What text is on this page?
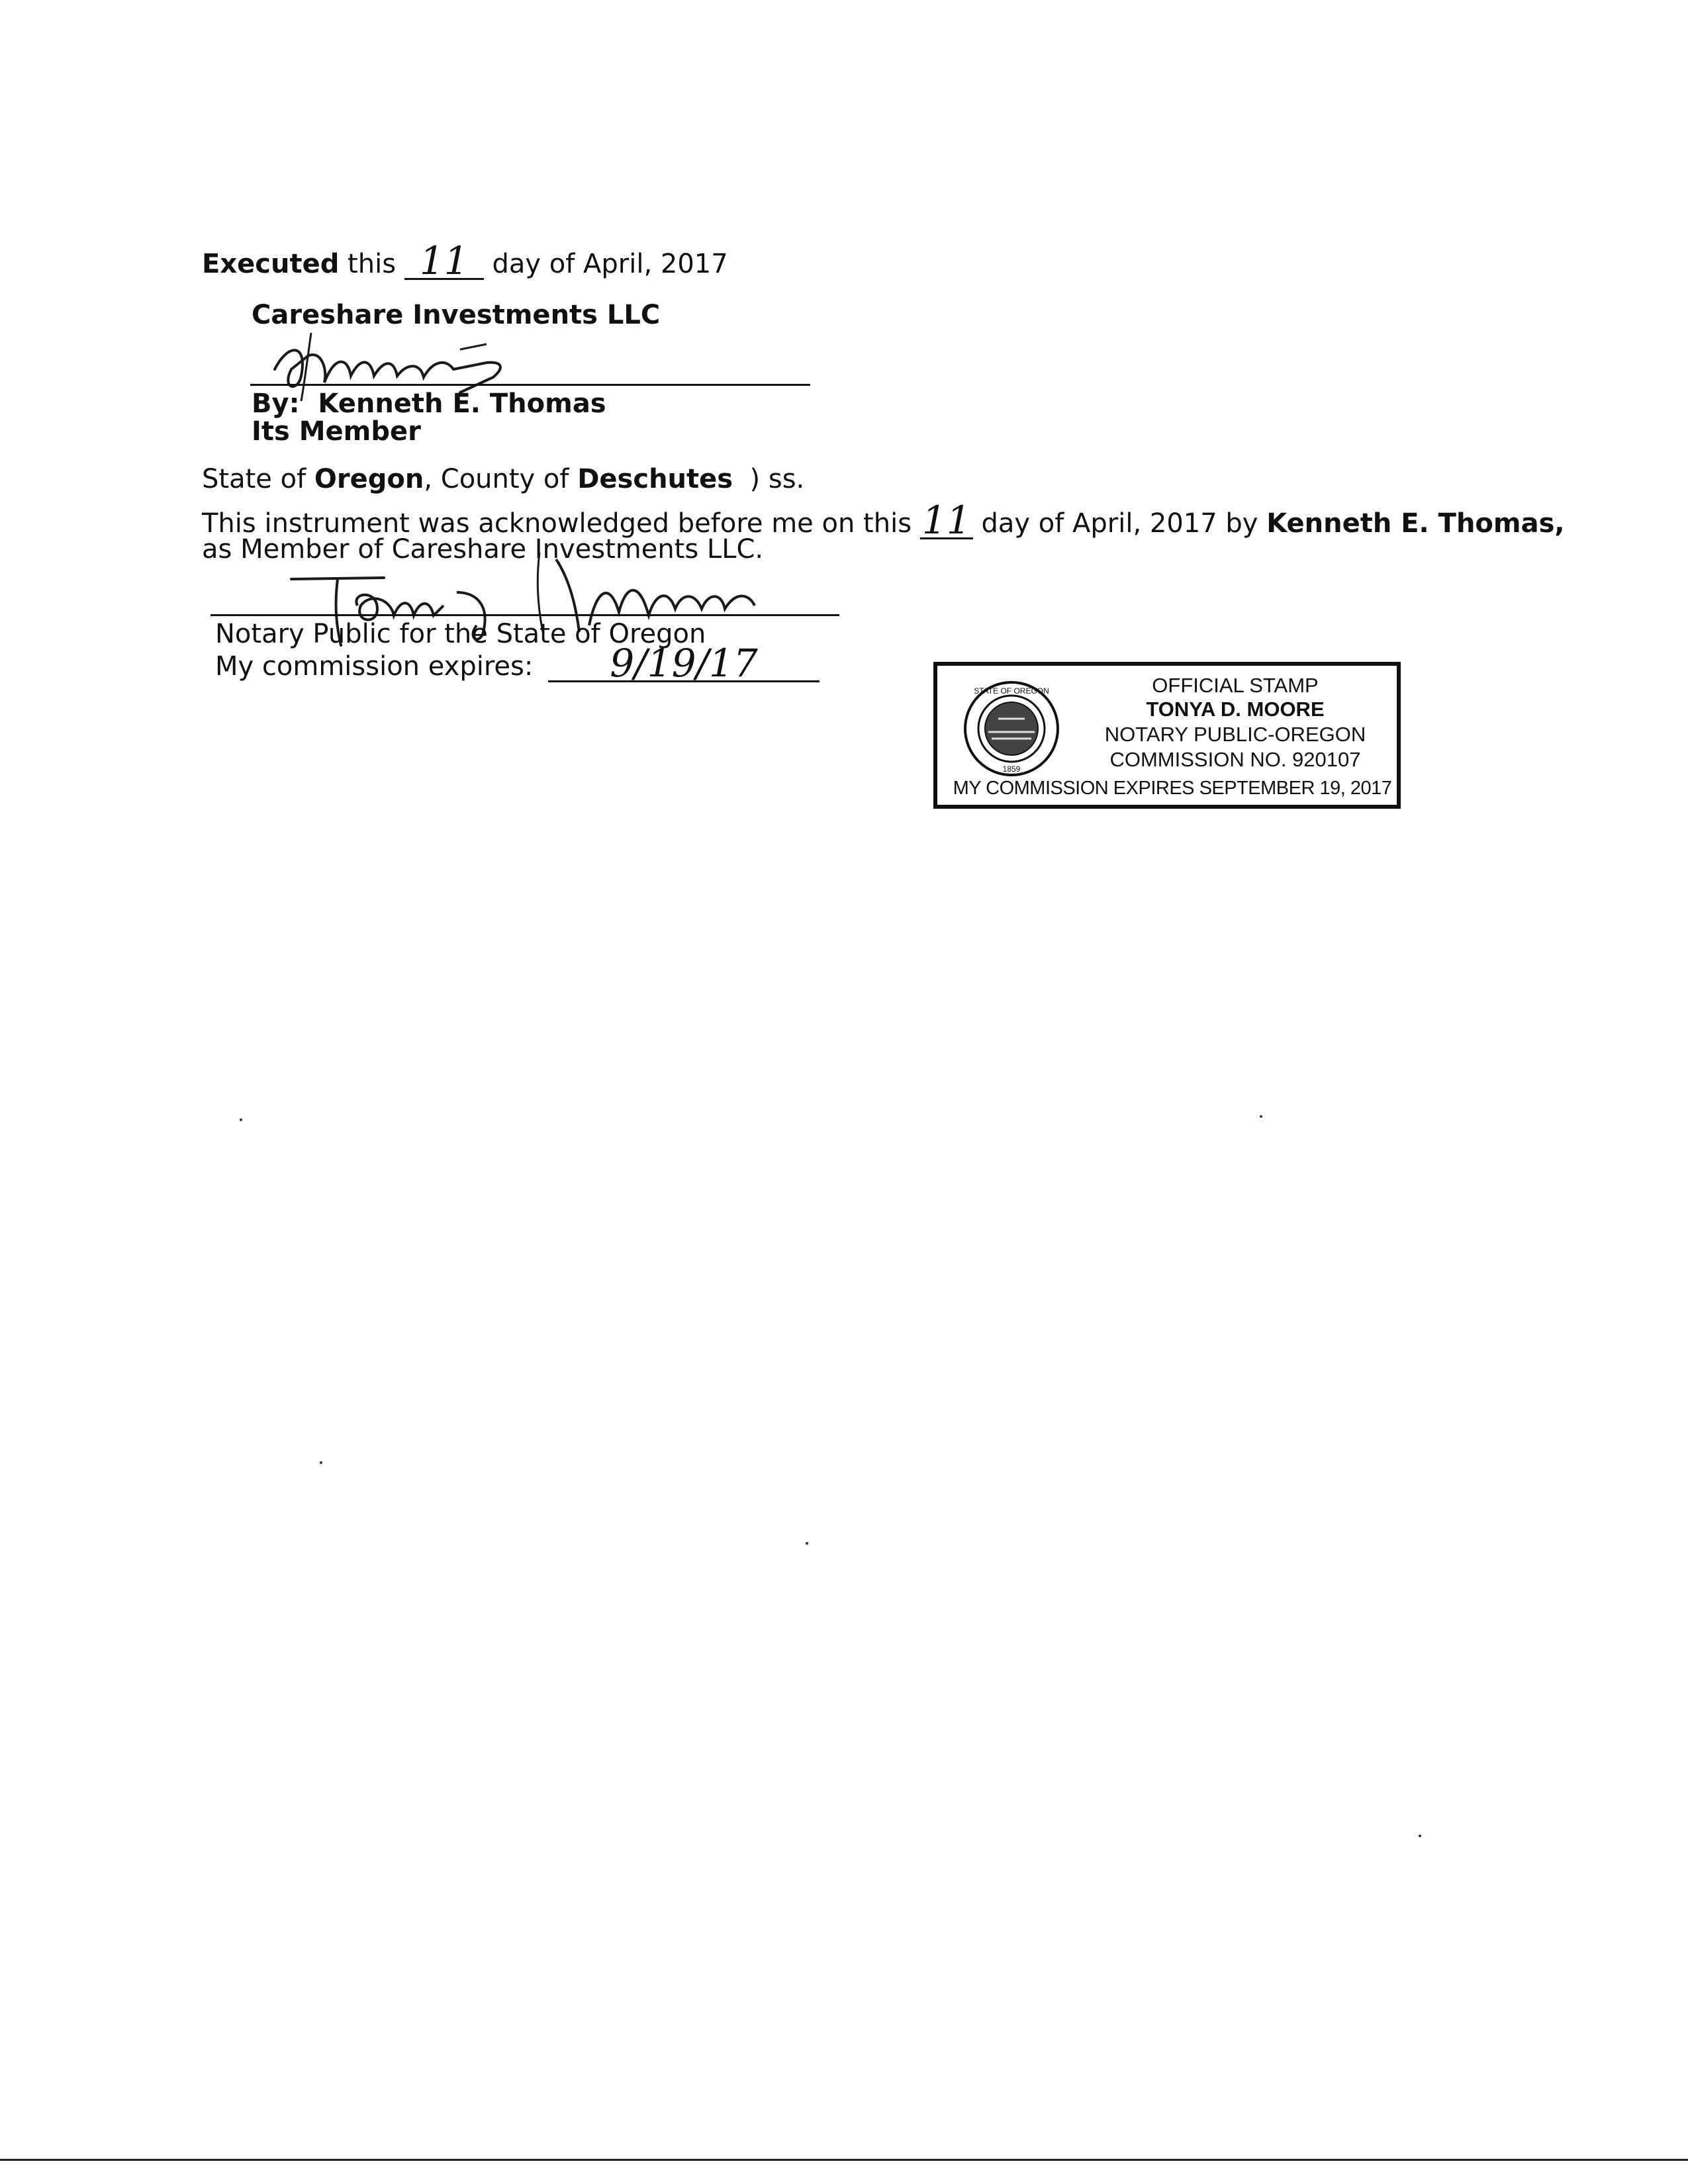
Executed this 11 day of April, 2017
Careshare Investments LLC
By: Kenneth E. Thomas
Its Member
State of Oregon, County of Deschutes ) ss.
This instrument was acknowledged before me on this 11 day of April, 2017 by Kenneth E. Thomas,
as Member of Careshare Investments LLC.
Notary Public for the State of Oregon
My commission expires: 9/19/17
STATE OF OREGON
1859
OFFICIAL STAMP
TONYA D. MOORE
NOTARY PUBLIC-OREGON
COMMISSION NO. 920107
MY COMMISSION EXPIRES SEPTEMBER 19, 2017
